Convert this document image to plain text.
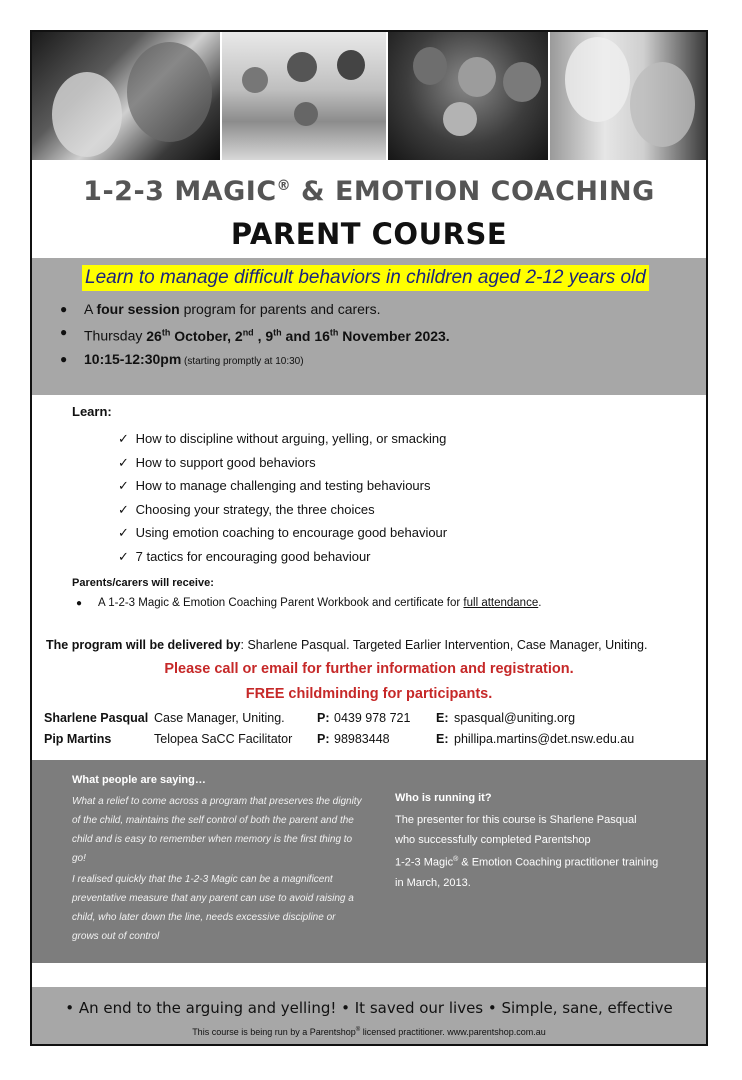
1-2-3 MAGIC® & EMOTION COACHING
PARENT COURSE
Learn to manage difficult behaviors in children aged 2-12 years old
● A four session program for parents and carers.
● Thursday 26th October, 2nd , 9th and 16th November 2023.
● 10:15-12:30pm (starting promptly at 10:30)
Learn:
✓ How to discipline without arguing, yelling, or smacking
✓ How to support good behaviors
✓ How to manage challenging and testing behaviours
✓ Choosing your strategy, the three choices
✓ Using emotion coaching to encourage good behaviour
✓ 7 tactics for encouraging good behaviour
Parents/carers will receive:
● A 1-2-3 Magic & Emotion Coaching Parent Workbook and certificate for full attendance.
The program will be delivered by: Sharlene Pasqual. Targeted Earlier Intervention, Case Manager, Uniting.
Please call or email for further information and registration.
FREE childminding for participants.
Sharlene Pasqual Case Manager, Uniting.	P: 0439 978 721 E: spasqual@uniting.org
Pip Martins	Telopea SaCC Facilitator P: 98983448	E: phillipa.martins@det.nsw.edu.au
What people are saying…
What a relief to come across a program that preserves the dignity of the child, maintains the self control of both the parent and the child and is easy to remember when memory is the first thing to go!
I realised quickly that the 1-2-3 Magic can be a magnificent preventative measure that any parent can use to avoid raising a child, who later down the line, needs excessive discipline or grows out of control
Who is running it?
The presenter for this course is Sharlene Pasqual
who successfully completed Parentshop
1-2-3 Magic® & Emotion Coaching practitioner training
in March, 2013.
• An end to the arguing and yelling! • It saved our lives • Simple, sane, effective
This course is being run by a Parentshop® licensed practitioner. www.parentshop.com.au
